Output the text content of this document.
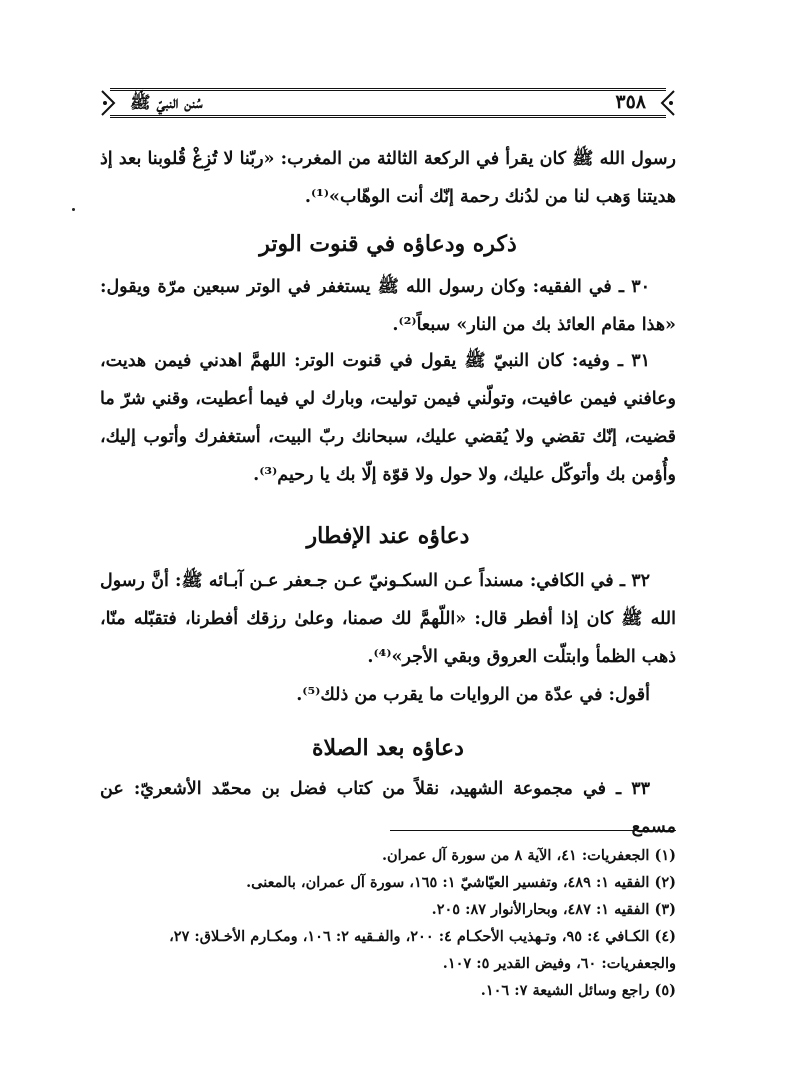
٣٥٨
سُنن النبيّ ﷺ

رسول الله ﷺ كان يقرأ في الركعة الثالثة من المغرب: «ربّنا لا تُزِغْ قُلوبنا بعد إذ هديتنا وَهب لنا من لدُنك رحمة إنّك أنت الوهّاب»⁽¹⁾.

ذكره ودعاؤه في قنوت الوتر

٣٠ ـ في الفقيه: وكان رسول الله ﷺ يستغفر في الوتر سبعين مرّة ويقول: «هذا مقام العائذ بك من النار» سبعاً⁽²⁾.

٣١ ـ وفيه: كان النبيّ ﷺ يقول في قنوت الوتر: اللهمَّ اهدني فيمن هديت، وعافني فيمن عافيت، وتولّني فيمن توليت، وبارك لي فيما أعطيت، وقني شرّ ما قضيت، إنّك تقضي ولا يُقضي عليك، سبحانك ربّ البيت، أستغفرك وأتوب إليك، وأُؤمن بك وأتوكّل عليك، ولا حول ولا قوّة إلّا بك يا رحيم⁽³⁾.

دعاؤه عند الإفطار

٣٢ ـ في الكافي: مسنداً عـن السكـونيّ عـن جـعفر عـن آبـائه ﷺ: أنَّ رسول الله ﷺ كان إذا أفطر قال: «اللّهمَّ لك صمنا، وعلىٰ رزقك أفطرنا، فتقبّله منّا، ذهب الظمأ وابتلّت العروق وبقي الأجر»⁽⁴⁾.

أقول: في عدّة من الروايات ما يقرب من ذلك⁽⁵⁾.

دعاؤه بعد الصلاة

٣٣ ـ في مجموعة الشهيد، نقلاً من كتاب فضل بن محمّد الأشعريّ: عن مسمع

(١) الجعفريات: ٤١، الآية ٨ من سورة آل عمران.
(٢) الفقيه ١: ٤٨٩، وتفسير العيّاشيّ ١: ١٦٥، سورة آل عمران، بالمعنى.
(٣) الفقيه ١: ٤٨٧، وبحارالأنوار ٨٧: ٢٠٥.
(٤) الكـافي ٤: ٩٥، وتـهذيب الأحكـام ٤: ٢٠٠، والفـقيه ٢: ١٠٦، ومكـارم الأخـلاق: ٢٧، والجعفريات: ٦٠، وفيض القدير ٥: ١٠٧.
(٥) راجع وسائل الشيعة ٧: ١٠٦.
